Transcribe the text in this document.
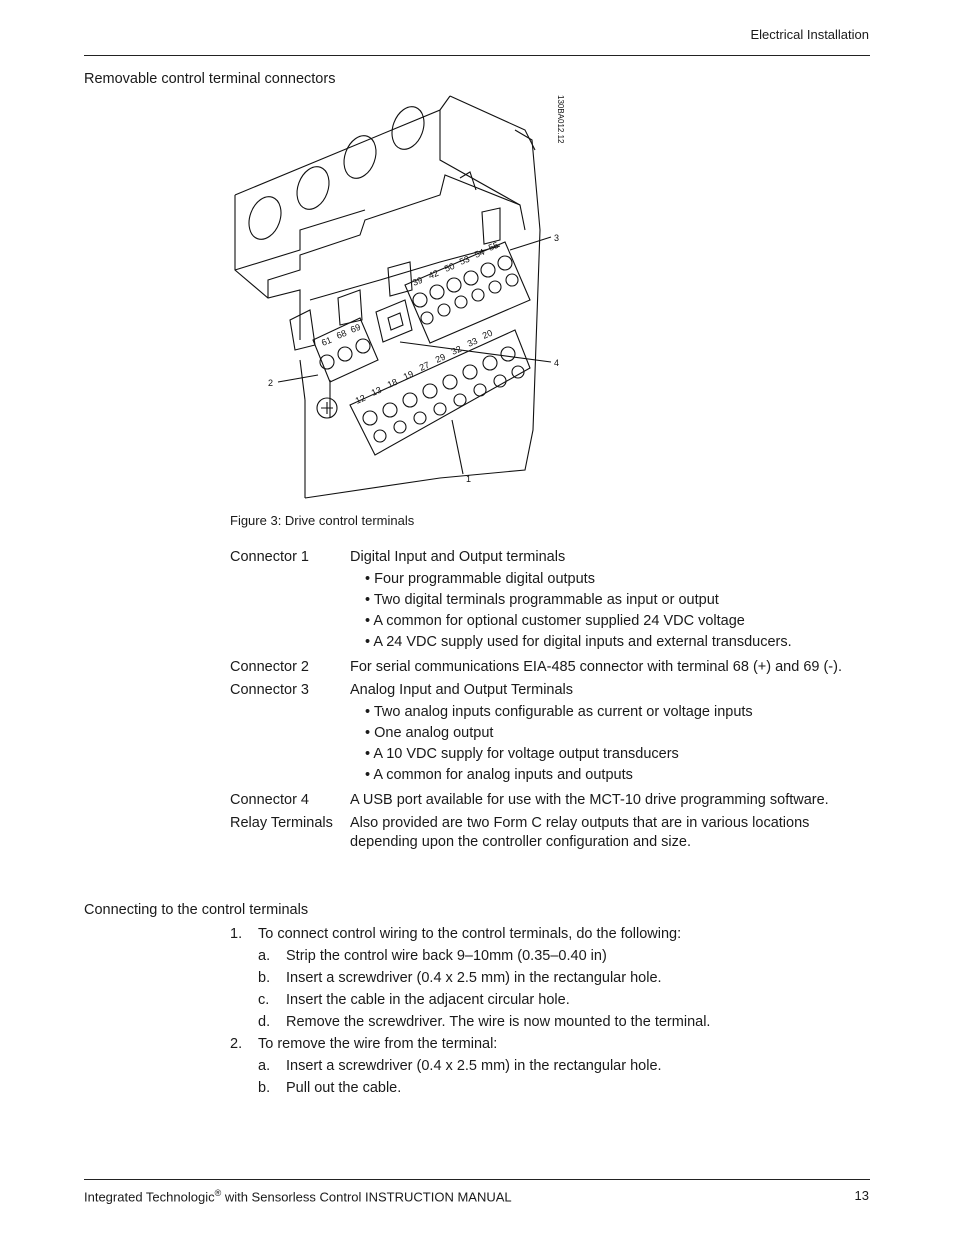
Electrical Installation
Removable control terminal connectors
61
68 69
39
42
50
53
54
55
12
13
18
19
27
29
32
33
20
1
2
3
4
130BA012.12
Figure 3: Drive control terminals
Connector 1	Digital Input and Output terminals
• Four programmable digital outputs
• Two digital terminals programmable as input or output
• A common for optional customer supplied 24 VDC voltage
• A 24 VDC supply used for digital inputs and external transducers.
Connector 2	For serial communications EIA-485 connector with terminal 68 (+) and 69 (-).
Connector 3	Analog Input and Output Terminals
• Two analog inputs configurable as current or voltage inputs
• One analog output
• A 10 VDC supply for voltage output transducers
• A common for analog inputs and outputs
Connector 4	A USB port available for use with the MCT-10 drive programming software.
Relay Terminals	Also provided are two Form C relay outputs that are in various locations depending upon the controller configuration and size.
Connecting to the control terminals
1.	To connect control wiring to the control terminals, do the following:
a.	Strip the control wire back 9–10mm (0.35–0.40 in)
b.	Insert a screwdriver (0.4 x 2.5 mm) in the rectangular hole.
c.	Insert the cable in the adjacent circular hole.
d.	Remove the screwdriver. The wire is now mounted to the terminal.
2.	To remove the wire from the terminal:
a.	Insert a screwdriver (0.4 x 2.5 mm) in the rectangular hole.
b.	Pull out the cable.
Integrated Technologic® with Sensorless Control INSTRUCTION MANUAL	13
